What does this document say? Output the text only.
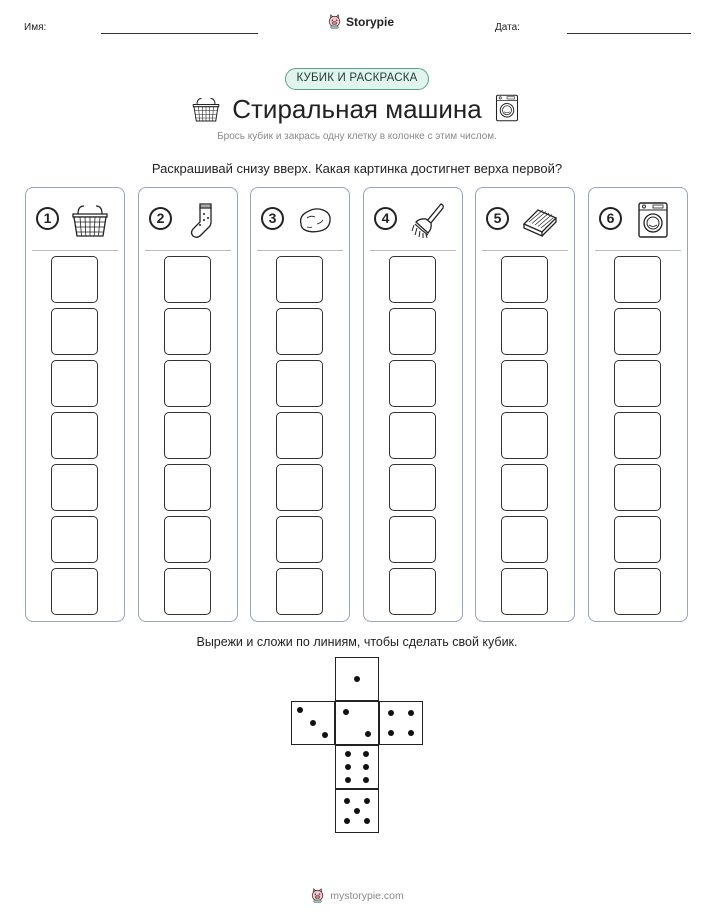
Имя:	Storypie	Дата:
КУБИК И РАСКРАСКА
Стиральная машина
Брось кубик и закрась одну клетку в колонке с этим числом.
Раскрашивай снизу вверх. Какая картинка достигнет верха первой?
1	2	3	4	5	6
Вырежи и сложи по линиям, чтобы сделать свой кубик.
mystorypie.com
